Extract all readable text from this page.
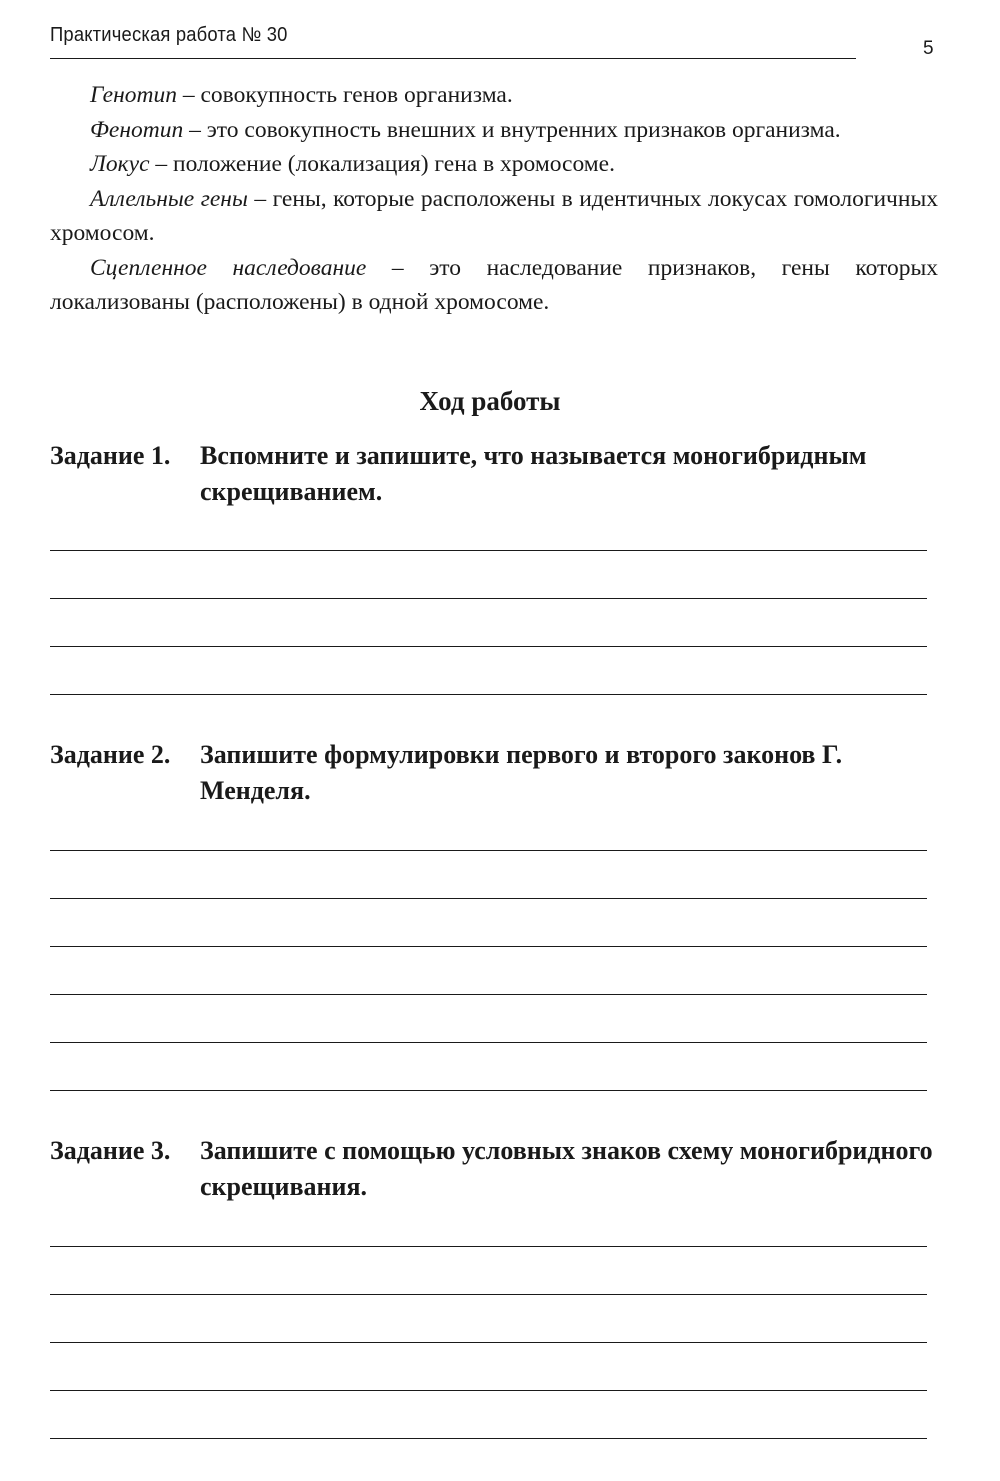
Практическая работа № 30
5

Генотип – совокупность генов организма.

Фенотип – это совокупность внешних и внутренних признаков организма.

Локус – положение (локализация) гена в хромосоме.

Аллельные гены – гены, которые расположены в идентичных локусах гомологичных хромосом.

Сцепленное наследование – это наследование признаков, гены которых локализованы (расположены) в одной хромосоме.

Ход работы
Задание 1. Вспомните и запишите, что называется моногибридным скрещиванием.
Задание 2. Запишите формулировки первого и второго законов Г. Менделя.
Задание 3. Запишите с помощью условных знаков схему моногибридного скрещивания.
